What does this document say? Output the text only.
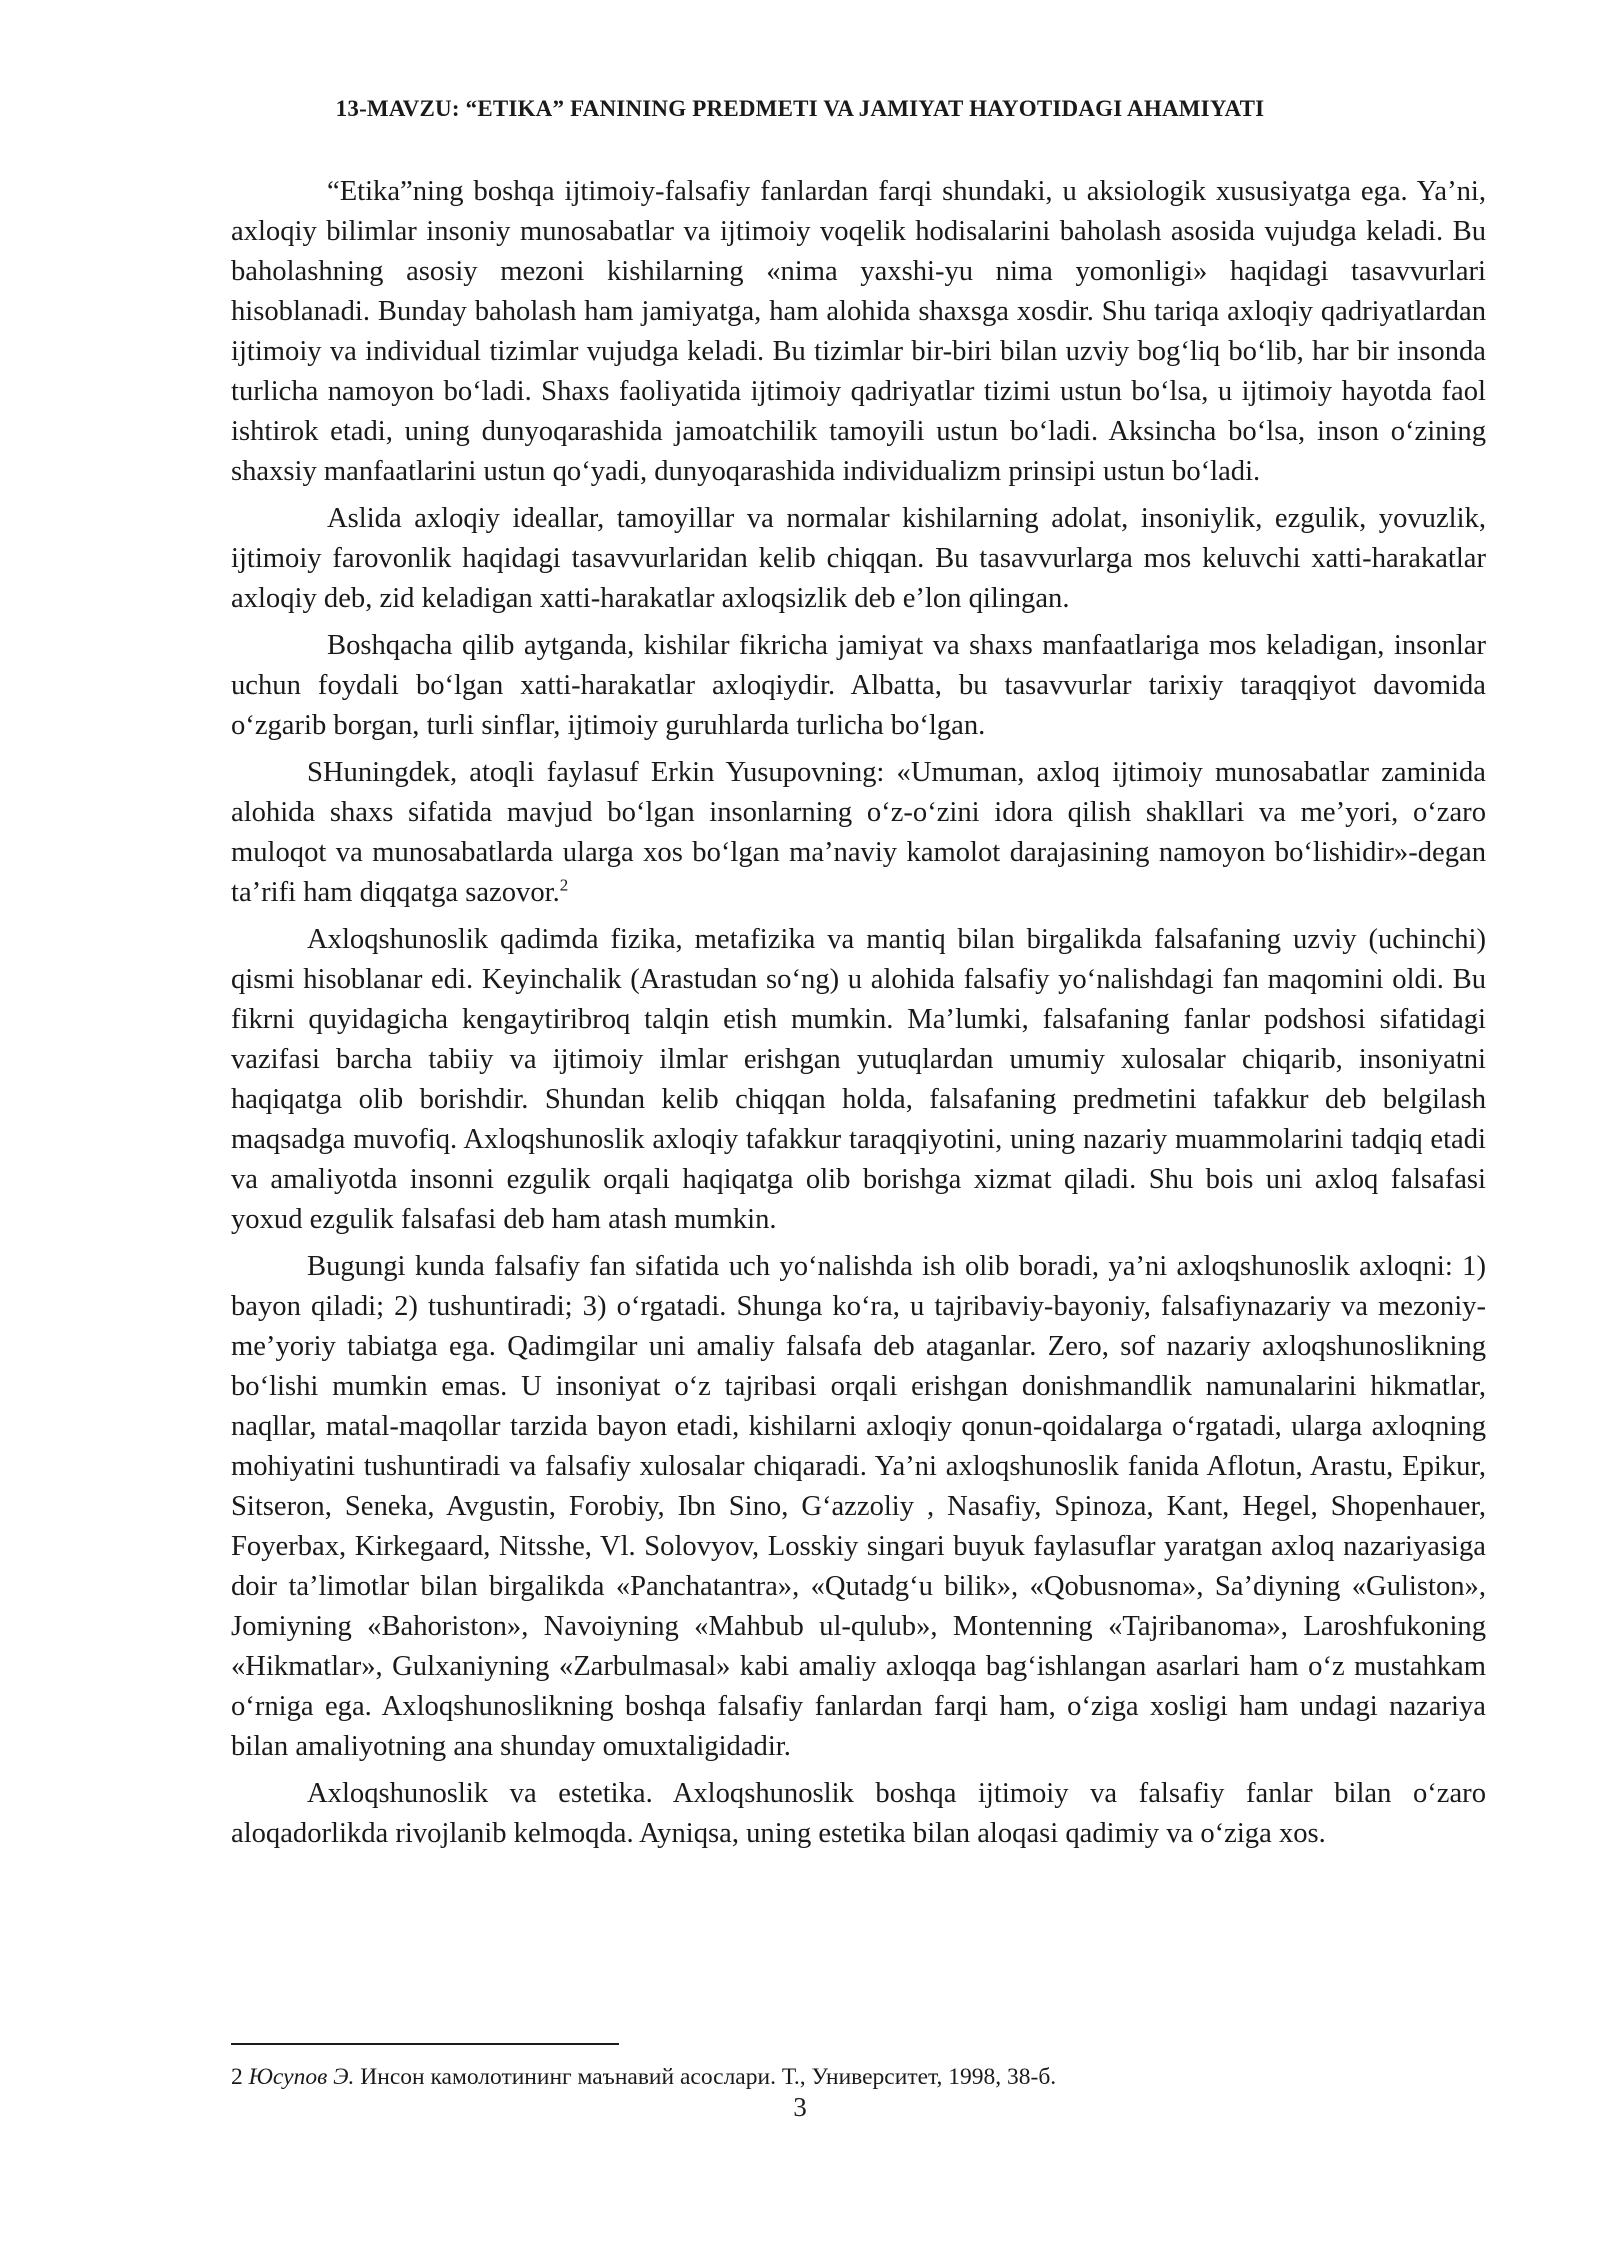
13-MAVZU: “ETIKA” FANINING PREDMETI VA JAMIYAT HAYOTIDAGI AHAMIYATI

“Etika”ning boshqa ijtimoiy-falsafiy fanlardan farqi shundaki, u aksiologik xususiyatga ega. Ya’ni, axloqiy bilimlar insoniy munosabatlar va ijtimoiy voqelik hodisalarini baholash asosida vujudga keladi. Bu baholashning asosiy mezoni kishilarning «nima yaxshi-yu nima yomonligi» haqidagi tasavvurlari hisoblanadi. Bunday baholash ham jamiyatga, ham alohida shaxsga xosdir. Shu tariqa axloqiy qadriyatlardan ijtimoiy va individual tizimlar vujudga keladi. Bu tizimlar bir-biri bilan uzviy bog‘liq bo‘lib, har bir insonda turlicha namoyon bo‘ladi. Shaxs faoliyatida ijtimoiy qadriyatlar tizimi ustun bo‘lsa, u ijtimoiy hayotda faol ishtirok etadi, uning dunyoqarashida jamoatchilik tamoyili ustun bo‘ladi. Aksincha bo‘lsa, inson o‘zining shaxsiy manfaatlarini ustun qo‘yadi, dunyoqarashida individualizm prinsipi ustun bo‘ladi.

Aslida axloqiy ideallar, tamoyillar va normalar kishilarning adolat, insoniylik, ezgulik, yovuzlik, ijtimoiy farovonlik haqidagi tasavvurlaridan kelib chiqqan. Bu tasavvurlarga mos keluvchi xatti-harakatlar axloqiy deb, zid keladigan xatti-harakatlar axloqsizlik deb e’lon qilingan.

Boshqacha qilib aytganda, kishilar fikricha jamiyat va shaxs manfaatlariga mos keladigan, insonlar uchun foydali bo‘lgan xatti-harakatlar axloqiydir. Albatta, bu tasavvurlar tarixiy taraqqiyot davomida o‘zgarib borgan, turli sinflar, ijtimoiy guruhlarda turlicha bo‘lgan.

SHuningdek, atoqli faylasuf Erkin Yusupovning: «Umuman, axloq ijtimoiy munosabatlar zaminida alohida shaxs sifatida mavjud bo‘lgan insonlarning o‘z-o‘zini idora qilish shakllari va me’yori, o‘zaro muloqot va munosabatlarda ularga xos bo‘lgan ma’naviy kamolot darajasining namoyon bo‘lishidir»-degan ta’rifi ham diqqatga sazovor.$^2$

Axloqshunoslik qadimda fizika, metafizika va mantiq bilan birgalikda falsafaning uzviy (uchinchi) qismi hisoblanar edi. Keyinchalik (Arastudan so‘ng) u alohida falsafiy yo‘nalishdagi fan maqomini oldi. Bu fikrni quyidagicha kengaytiribroq talqin etish mumkin. Ma’lumki, falsafaning fanlar podshosi sifatidagi vazifasi barcha tabiiy va ijtimoiy ilmlar erishgan yutuqlardan umumiy xulosalar chiqarib, insoniyatni haqiqatga olib borishdir. Shundan kelib chiqqan holda, falsafaning predmetini tafakkur deb belgilash maqsadga muvofiq. Axloqshunoslik axloqiy tafakkur taraqqiyotini, uning nazariy muammolarini tadqiq etadi va amaliyotda insonni ezgulik orqali haqiqatga olib borishga xizmat qiladi. Shu bois uni axloq falsafasi yoxud ezgulik falsafasi deb ham atash mumkin.

Bugungi kunda falsafiy fan sifatida uch yo‘nalishda ish olib boradi, ya’ni axloqshunoslik axloqni: 1) bayon qiladi; 2) tushuntiradi; 3) o‘rgatadi. Shunga ko‘ra, u tajribaviy-bayoniy, falsafiynazariy va mezoniy-me’yoriy tabiatga ega. Qadimgilar uni amaliy falsafa deb ataganlar. Zero, sof nazariy axloqshunoslikning bo‘lishi mumkin emas. U insoniyat o‘z tajribasi orqali erishgan donishmandlik namunalarini hikmatlar, naqllar, matal-maqollar tarzida bayon etadi, kishilarni axloqiy qonun-qoidalarga o‘rgatadi, ularga axloqning mohiyatini tushuntiradi va falsafiy xulosalar chiqaradi. Ya’ni axloqshunoslik fanida Aflotun, Arastu, Epikur, Sitseron, Seneka, Avgustin, Forobiy, Ibn Sino, G‘azzoliy , Nasafiy, Spinoza, Kant, Hegel, Shopenhauer, Foyerbax, Kirkegaard, Nitsshe, Vl. Solovyov, Losskiy singari buyuk faylasuflar yaratgan axloq nazariyasiga doir ta’limotlar bilan birgalikda «Panchatantra», «Qutadg‘u bilik», «Qobusnoma», Sa’diyning «Guliston», Jomiyning «Bahoriston», Navoiyning «Mahbub ul-qulub», Montenning «Tajribanoma», Laroshfukoning «Hikmatlar», Gulxaniyning «Zarbulmasal» kabi amaliy axloqqa bag‘ishlangan asarlari ham o‘z mustahkam o‘rniga ega. Axloqshunoslikning boshqa falsafiy fanlardan farqi ham, o‘ziga xosligi ham undagi nazariya bilan amaliyotning ana shunday omuxtaligidadir.

Axloqshunoslik va estetika. Axloqshunoslik boshqa ijtimoiy va falsafiy fanlar bilan o‘zaro aloqadorlikda rivojlanib kelmoqda. Ayniqsa, uning estetika bilan aloqasi qadimiy va o‘ziga xos.

2 Юсупов Э. Инсон камолотининг маънавий асослари. Т., Университет, 1998, 38-б.
3
